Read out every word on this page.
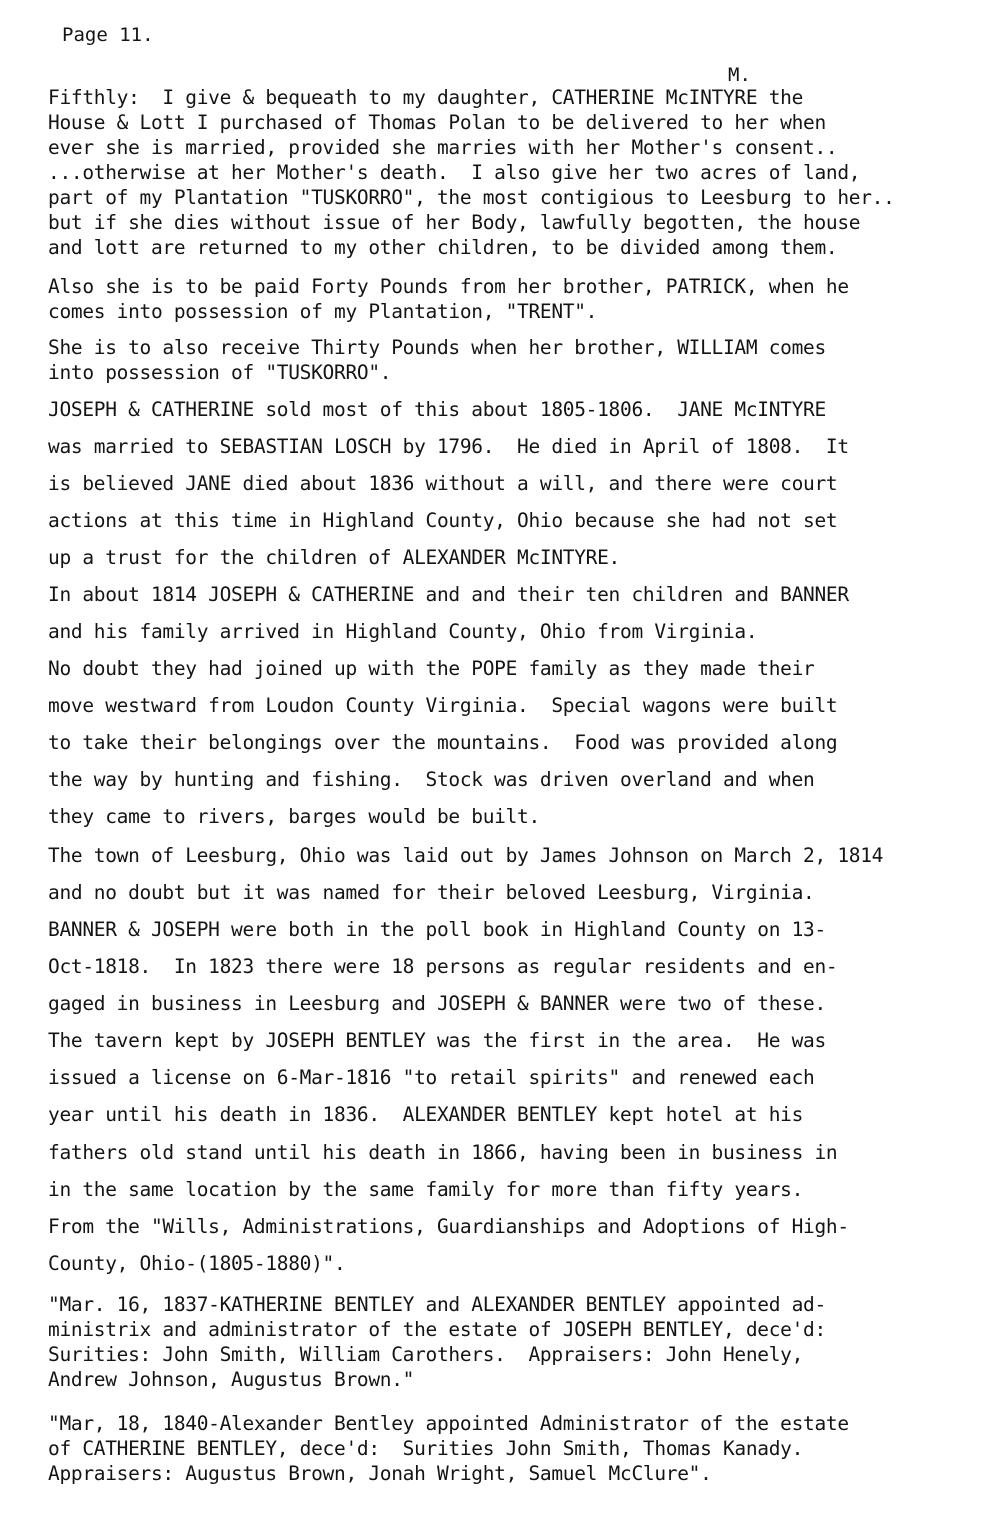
Page 11.
M.
Fifthly:  I give & bequeath to my daughter, CATHERINE McINTYRE the
House & Lott I purchased of Thomas Polan to be delivered to her when
ever she is married, provided she marries with her Mother's consent..
...otherwise at her Mother's death.  I also give her two acres of land,
part of my Plantation "TUSKORRO", the most contigious to Leesburg to her..
but if she dies without issue of her Body, lawfully begotten, the house
and lott are returned to my other children, to be divided among them.
Also she is to be paid Forty Pounds from her brother, PATRICK, when he
comes into possession of my Plantation, "TRENT".
She is to also receive Thirty Pounds when her brother, WILLIAM comes
into possession of "TUSKORRO".
JOSEPH & CATHERINE sold most of this about 1805-1806.  JANE McINTYRE
was married to SEBASTIAN LOSCH by 1796.  He died in April of 1808.  It
is believed JANE died about 1836 without a will, and there were court
actions at this time in Highland County, Ohio because she had not set
up a trust for the children of ALEXANDER McINTYRE.
In about 1814 JOSEPH & CATHERINE and and their ten children and BANNER
and his family arrived in Highland County, Ohio from Virginia.
No doubt they had joined up with the POPE family as they made their
move westward from Loudon County Virginia.  Special wagons were built
to take their belongings over the mountains.  Food was provided along
the way by hunting and fishing.  Stock was driven overland and when
they came to rivers, barges would be built.
The town of Leesburg, Ohio was laid out by James Johnson on March 2, 1814
and no doubt but it was named for their beloved Leesburg, Virginia.
BANNER & JOSEPH were both in the poll book in Highland County on 13-
Oct-1818.  In 1823 there were 18 persons as regular residents and en-
gaged in business in Leesburg and JOSEPH & BANNER were two of these.
The tavern kept by JOSEPH BENTLEY was the first in the area.  He was
issued a license on 6-Mar-1816 "to retail spirits" and renewed each
year until his death in 1836.  ALEXANDER BENTLEY kept hotel at his
fathers old stand until his death in 1866, having been in business in
in the same location by the same family for more than fifty years.
From the "Wills, Administrations, Guardianships and Adoptions of High-
County, Ohio-(1805-1880)".
"Mar. 16, 1837-KATHERINE BENTLEY and ALEXANDER BENTLEY appointed ad-
ministrix and administrator of the estate of JOSEPH BENTLEY, dece'd:
Surities: John Smith, William Carothers.  Appraisers: John Henely,
Andrew Johnson, Augustus Brown."
"Mar, 18, 1840-Alexander Bentley appointed Administrator of the estate
of CATHERINE BENTLEY, dece'd:  Surities John Smith, Thomas Kanady.
Appraisers: Augustus Brown, Jonah Wright, Samuel McClure".
